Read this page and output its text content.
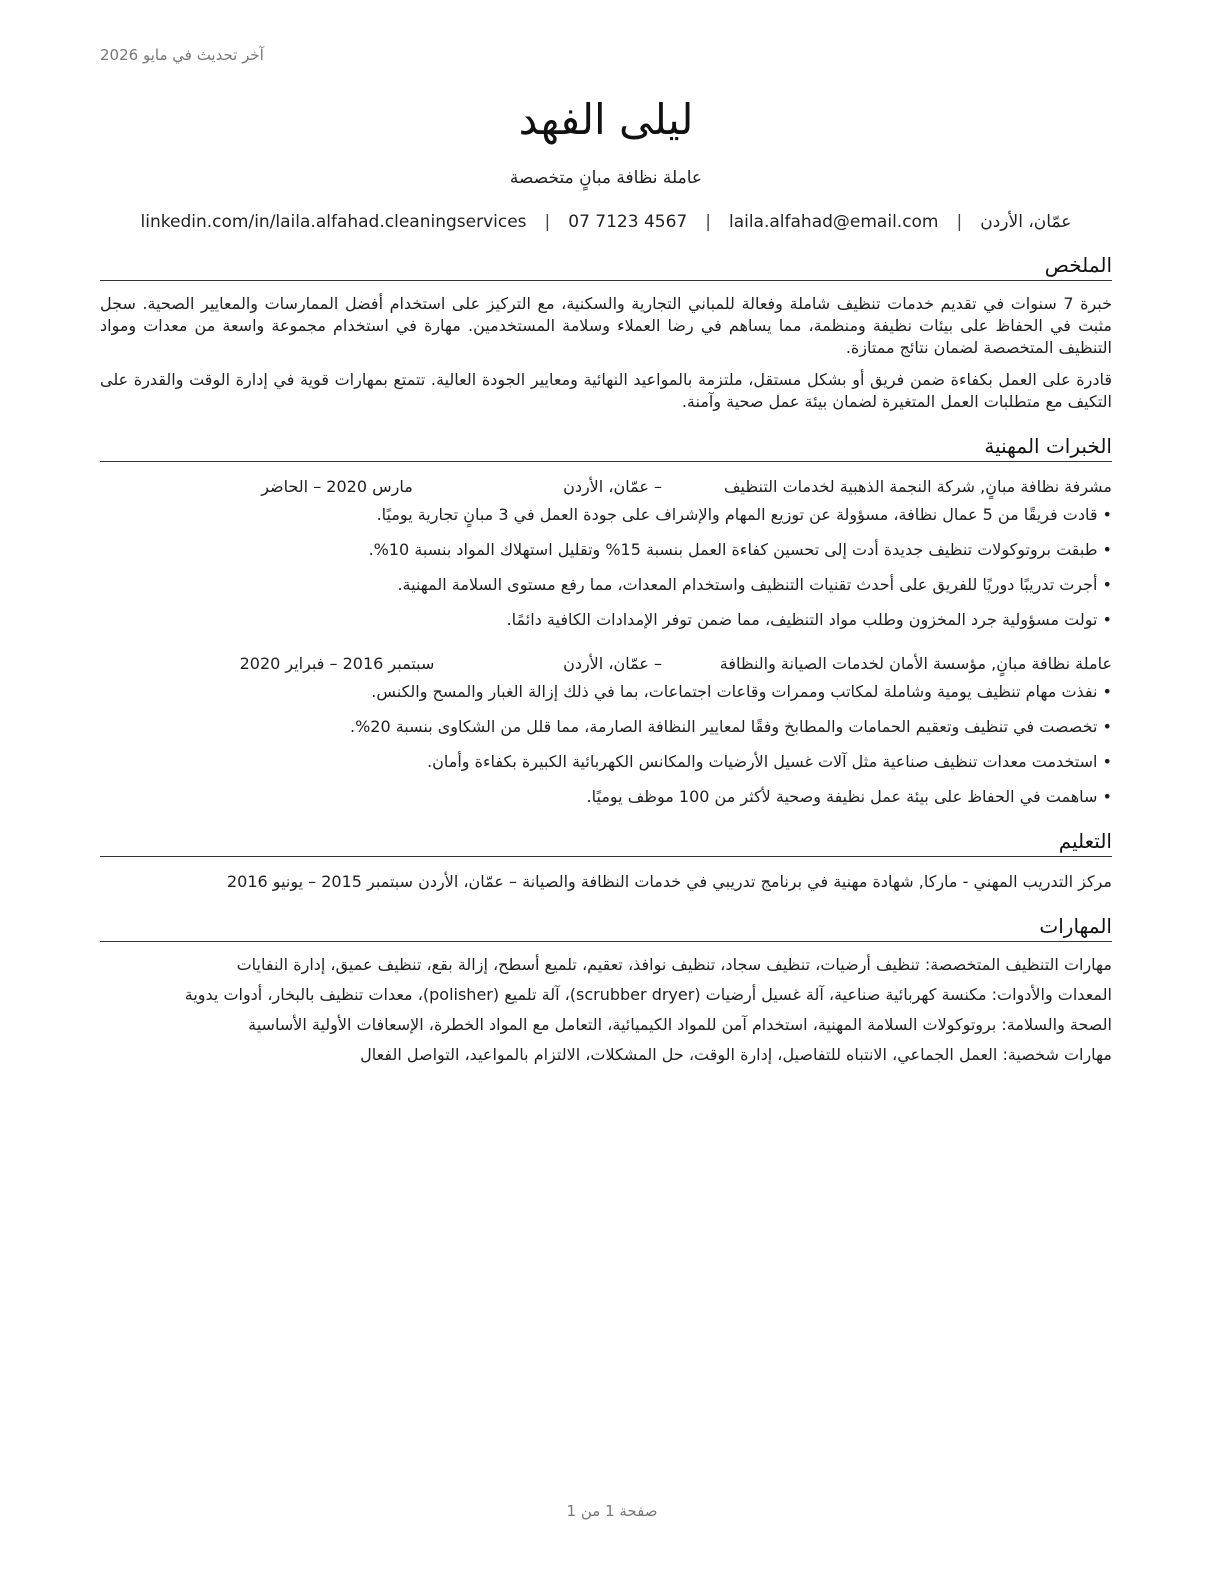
آخر تحديث في مايو 2026
ليلى الفهد
عاملة نظافة مبانٍ متخصصة
عمّان، الأردن
|
laila.alfahad@email.com
|
07 7123 4567
|
linkedin.com/in/laila.alfahad.cleaningservices
الملخص
خبرة 7 سنوات في تقديم خدمات تنظيف شاملة وفعالة للمباني التجارية والسكنية، مع التركيز على استخدام أفضل الممارسات والمعايير الصحية. سجل مثبت في الحفاظ على بيئات نظيفة ومنظمة، مما يساهم في رضا العملاء وسلامة المستخدمين. مهارة في استخدام مجموعة واسعة من معدات ومواد التنظيف المتخصصة لضمان نتائج ممتازة.
قادرة على العمل بكفاءة ضمن فريق أو بشكل مستقل، ملتزمة بالمواعيد النهائية ومعايير الجودة العالية. تتمتع بمهارات قوية في إدارة الوقت والقدرة على التكيف مع متطلبات العمل المتغيرة لضمان بيئة عمل صحية وآمنة.
الخبرات المهنية
مشرفة نظافة مبانٍ, شركة النجمة الذهبية لخدمات التنظيف
– عمّان، الأردن
مارس 2020 – الحاضر
• قادت فريقًا من 5 عمال نظافة، مسؤولة عن توزيع المهام والإشراف على جودة العمل في 3 مبانٍ تجارية يوميًا.
• طبقت بروتوكولات تنظيف جديدة أدت إلى تحسين كفاءة العمل بنسبة 15% وتقليل استهلاك المواد بنسبة 10%.
• أجرت تدريبًا دوريًا للفريق على أحدث تقنيات التنظيف واستخدام المعدات، مما رفع مستوى السلامة المهنية.
• تولت مسؤولية جرد المخزون وطلب مواد التنظيف، مما ضمن توفر الإمدادات الكافية دائمًا.
عاملة نظافة مبانٍ, مؤسسة الأمان لخدمات الصيانة والنظافة
– عمّان، الأردن
سبتمبر 2016 – فبراير 2020
• نفذت مهام تنظيف يومية وشاملة لمكاتب وممرات وقاعات اجتماعات، بما في ذلك إزالة الغبار والمسح والكنس.
• تخصصت في تنظيف وتعقيم الحمامات والمطابخ وفقًا لمعايير النظافة الصارمة، مما قلل من الشكاوى بنسبة 20%.
• استخدمت معدات تنظيف صناعية مثل آلات غسيل الأرضيات والمكانس الكهربائية الكبيرة بكفاءة وأمان.
• ساهمت في الحفاظ على بيئة عمل نظيفة وصحية لأكثر من 100 موظف يوميًا.
التعليم
مركز التدريب المهني - ماركا, شهادة مهنية في برنامج تدريبي في خدمات النظافة والصيانة – عمّان، الأردن سبتمبر 2015 – يونيو 2016
المهارات
مهارات التنظيف المتخصصة: تنظيف أرضيات، تنظيف سجاد، تنظيف نوافذ، تعقيم، تلميع أسطح، إزالة بقع، تنظيف عميق، إدارة النفايات
المعدات والأدوات: مكنسة كهربائية صناعية، آلة غسيل أرضيات (scrubber dryer)، آلة تلميع (polisher)، معدات تنظيف بالبخار، أدوات يدوية
الصحة والسلامة: بروتوكولات السلامة المهنية، استخدام آمن للمواد الكيميائية، التعامل مع المواد الخطرة، الإسعافات الأولية الأساسية
مهارات شخصية: العمل الجماعي، الانتباه للتفاصيل، إدارة الوقت، حل المشكلات، الالتزام بالمواعيد، التواصل الفعال
صفحة 1 من 1
